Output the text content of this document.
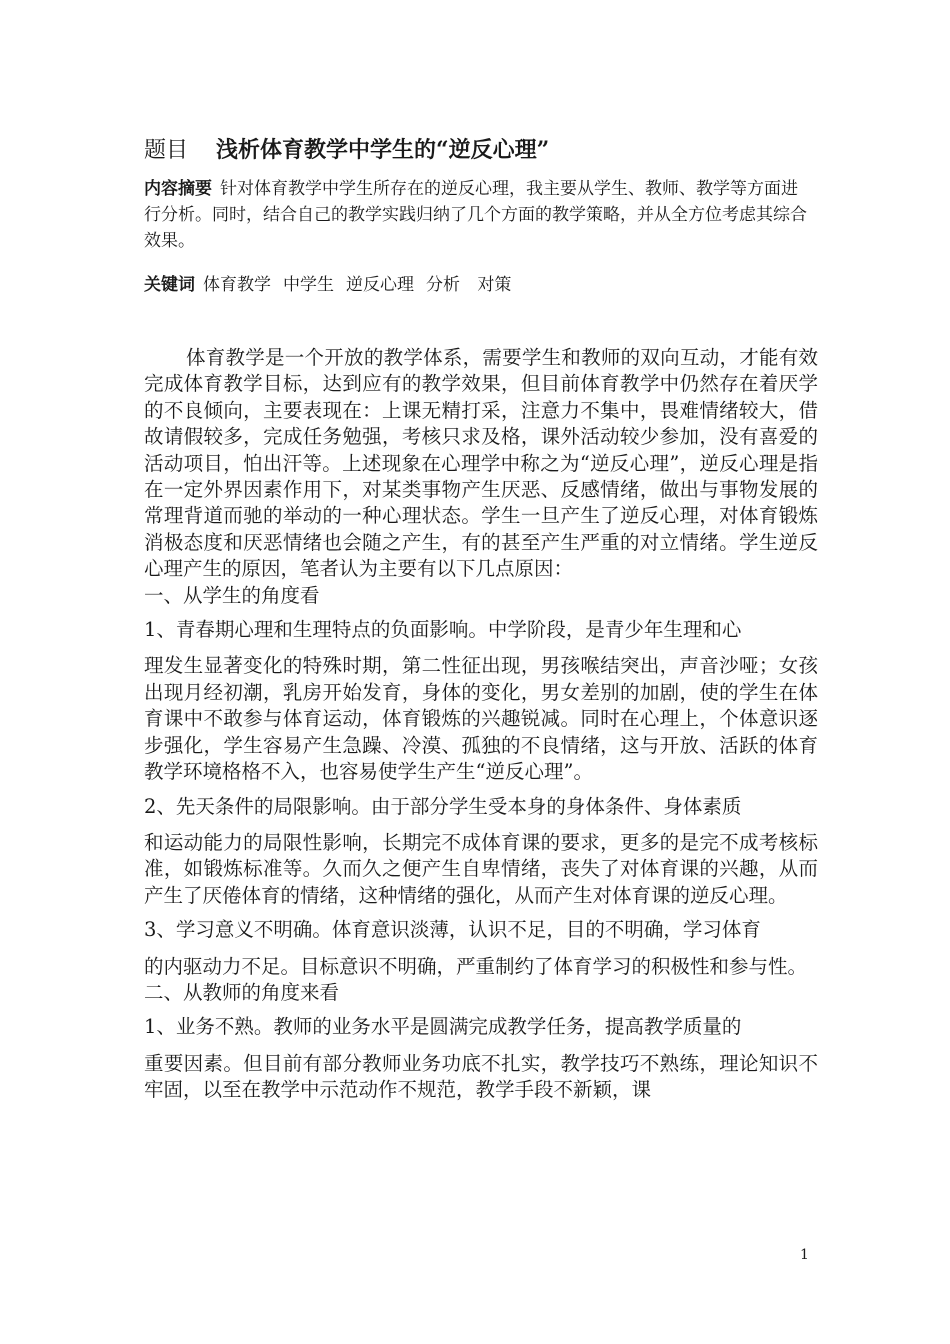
题目 浅析体育教学中学生的“逆反心理”
内容摘要 针对体育教学中学生所存在的逆反心理，我主要从学生、教师、教学等方面进行分析。同时，结合自己的教学实践归纳了几个方面的教学策略，并从全方位考虑其综合效果。
关键词 体育教学 中学生 逆反心理 分析 对策

体育教学是一个开放的教学体系，需要学生和教师的双向互动，才能有效完成体育教学目标，达到应有的教学效果，但目前体育教学中仍然存在着厌学的不良倾向，主要表现在：上课无精打采，注意力不集中，畏难情绪较大，借故请假较多，完成任务勉强，考核只求及格，课外活动较少参加，没有喜爱的活动项目，怕出汗等。上述现象在心理学中称之为“逆反心理”，逆反心理是指在一定外界因素作用下，对某类事物产生厌恶、反感情绪，做出与事物发展的常理背道而驰的举动的一种心理状态。学生一旦产生了逆反心理，对体育锻炼消极态度和厌恶情绪也会随之产生，有的甚至产生严重的对立情绪。学生逆反心理产生的原因，笔者认为主要有以下几点原因：

一、从学生的角度看

1、青春期心理和生理特点的负面影响。中学阶段，是青少年生理和心

理发生显著变化的特殊时期，第二性征出现，男孩喉结突出，声音沙哑；女孩出现月经初潮，乳房开始发育，身体的变化，男女差别的加剧，使的学生在体育课中不敢参与体育运动，体育锻炼的兴趣锐减。同时在心理上，个体意识逐步强化，学生容易产生急躁、冷漠、孤独的不良情绪，这与开放、活跃的体育教学环境格格不入，也容易使学生产生“逆反心理”。

2、先天条件的局限影响。由于部分学生受本身的身体条件、身体素质

和运动能力的局限性影响，长期完不成体育课的要求，更多的是完不成考核标准，如锻炼标准等。久而久之便产生自卑情绪，丧失了对体育课的兴趣，从而产生了厌倦体育的情绪，这种情绪的强化，从而产生对体育课的逆反心理。

3、学习意义不明确。体育意识淡薄，认识不足，目的不明确，学习体育

的内驱动力不足。目标意识不明确，严重制约了体育学习的积极性和参与性。

二、从教师的角度来看

1、业务不熟。教师的业务水平是圆满完成教学任务，提高教学质量的

重要因素。但目前有部分教师业务功底不扎实，教学技巧不熟练，理论知识不牢固，以至在教学中示范动作不规范，教学手段不新颖，课

1
